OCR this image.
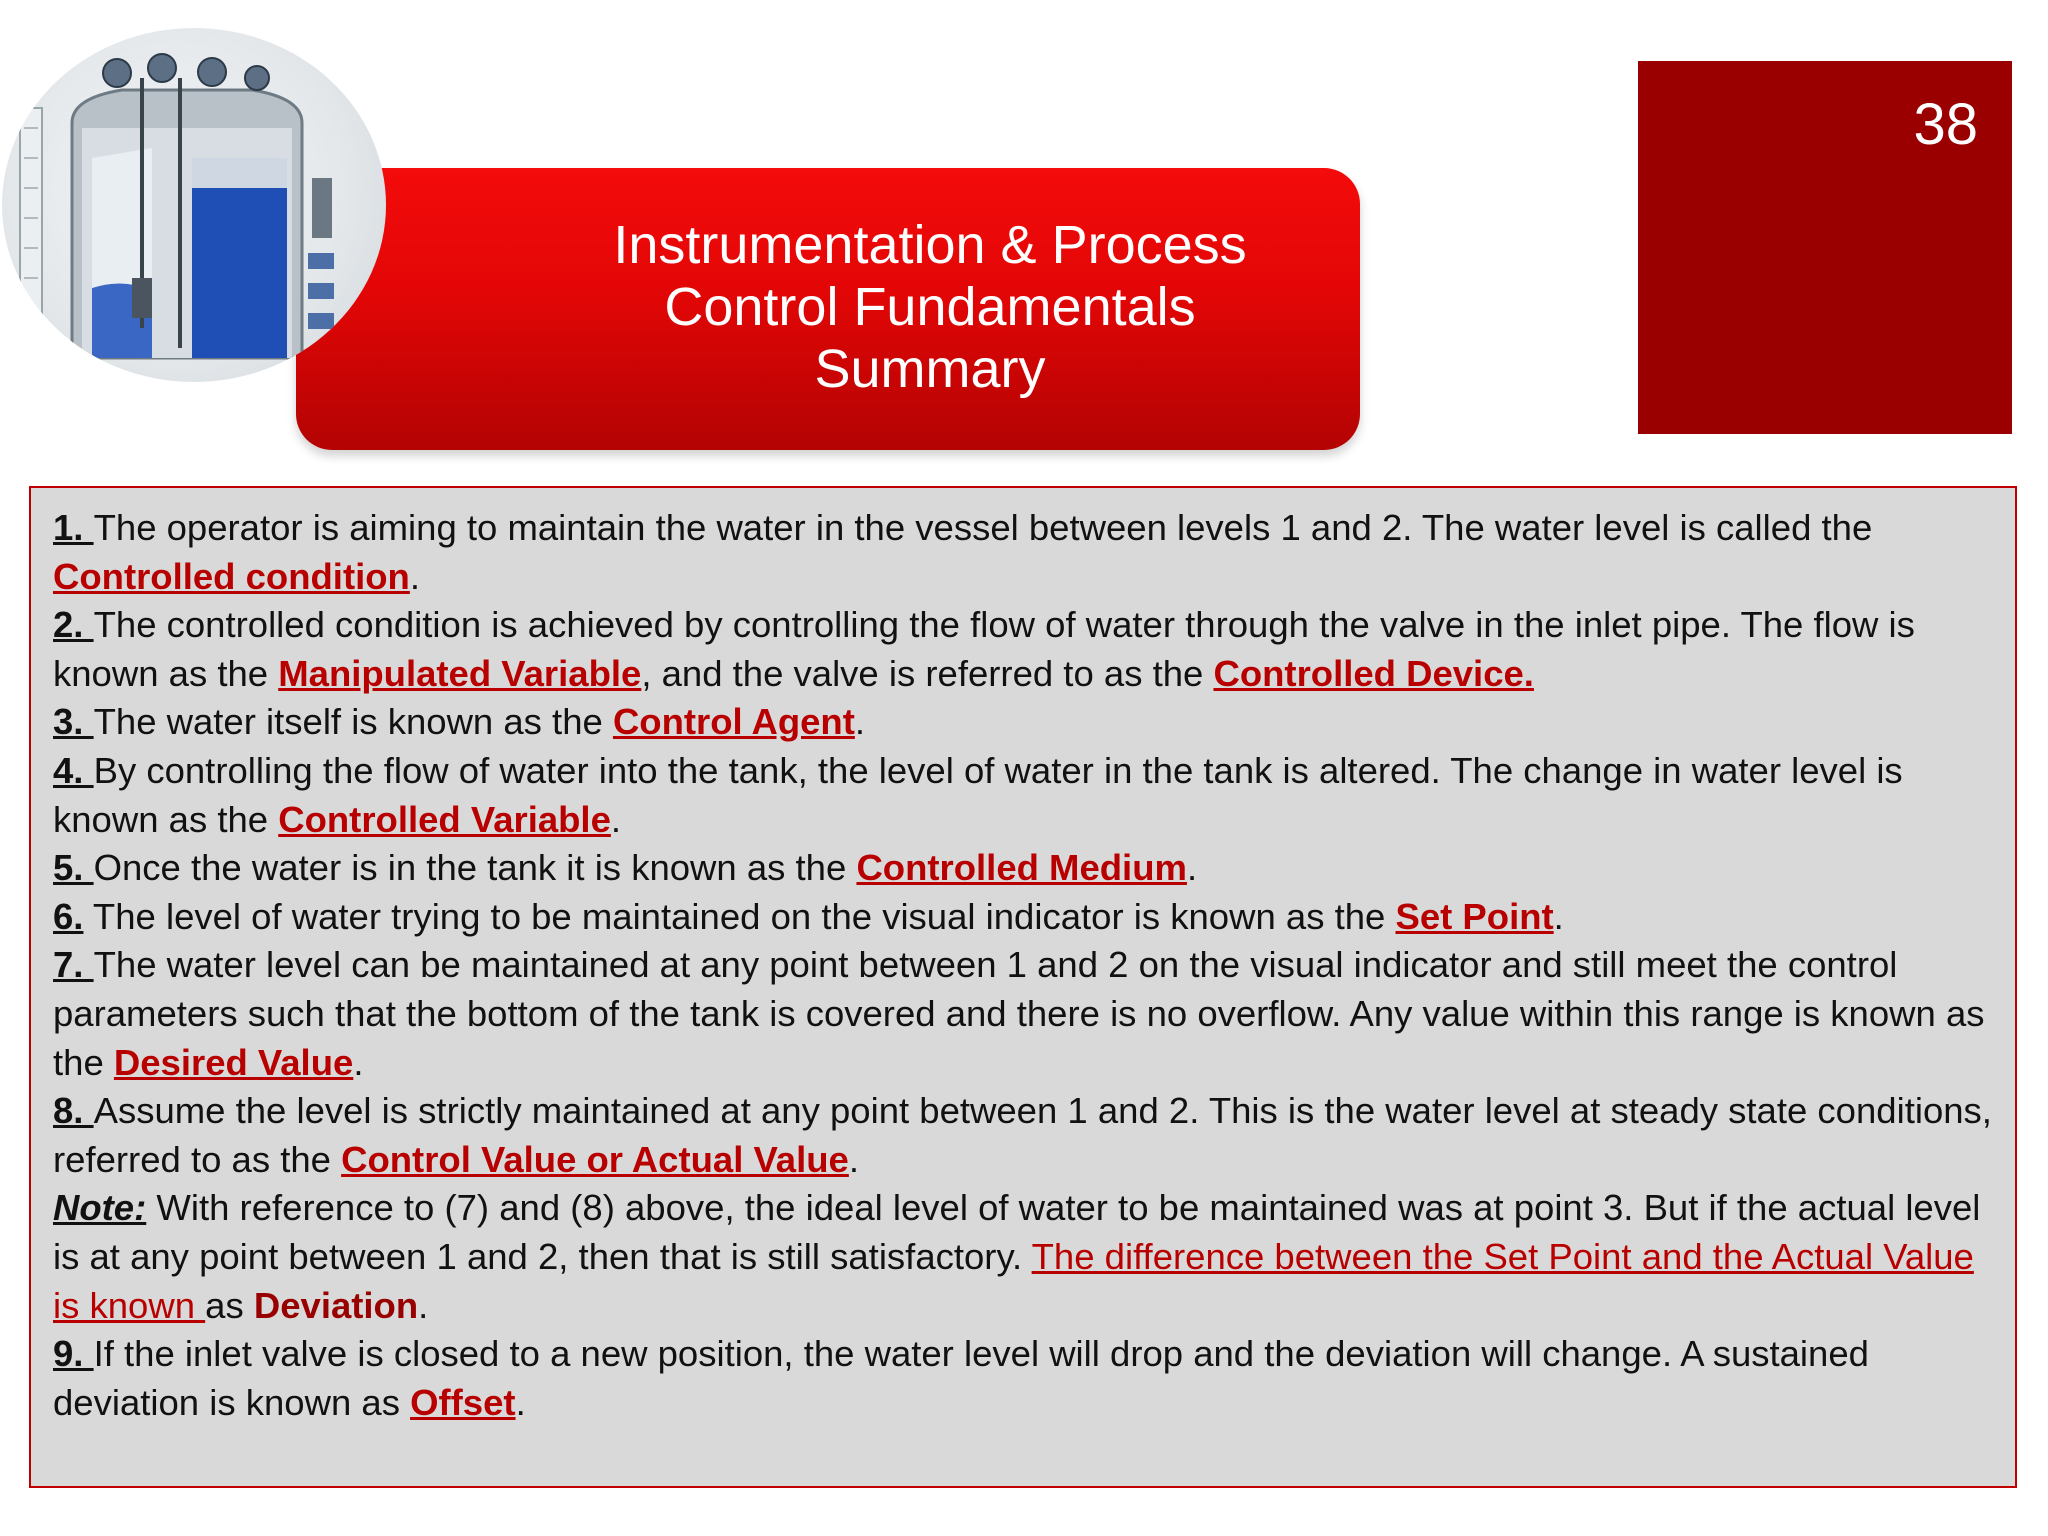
Instrumentation & Process
Control Fundamentals
Summary
38

1. The operator is aiming to maintain the water in the vessel between levels 1 and 2. The water level is called the Controlled condition.

2. The controlled condition is achieved by controlling the flow of water through the valve in the inlet pipe. The flow is known as the Manipulated Variable, and the valve is referred to as the Controlled Device.

3. The water itself is known as the Control Agent.

4. By controlling the flow of water into the tank, the level of water in the tank is altered. The change in water level is known as the Controlled Variable.

5. Once the water is in the tank it is known as the Controlled Medium.

6. The level of water trying to be maintained on the visual indicator is known as the Set Point.

7. The water level can be maintained at any point between 1 and 2 on the visual indicator and still meet the control parameters such that the bottom of the tank is covered and there is no overflow. Any value within this range is known as the Desired Value.

8. Assume the level is strictly maintained at any point between 1 and 2. This is the water level at steady state conditions, referred to as the Control Value or Actual Value.

Note: With reference to (7) and (8) above, the ideal level of water to be maintained was at point 3. But if the actual level is at any point between 1 and 2, then that is still satisfactory. The difference between the Set Point and the Actual Value is known as Deviation.

9. If the inlet valve is closed to a new position, the water level will drop and the deviation will change. A sustained deviation is known as Offset.
